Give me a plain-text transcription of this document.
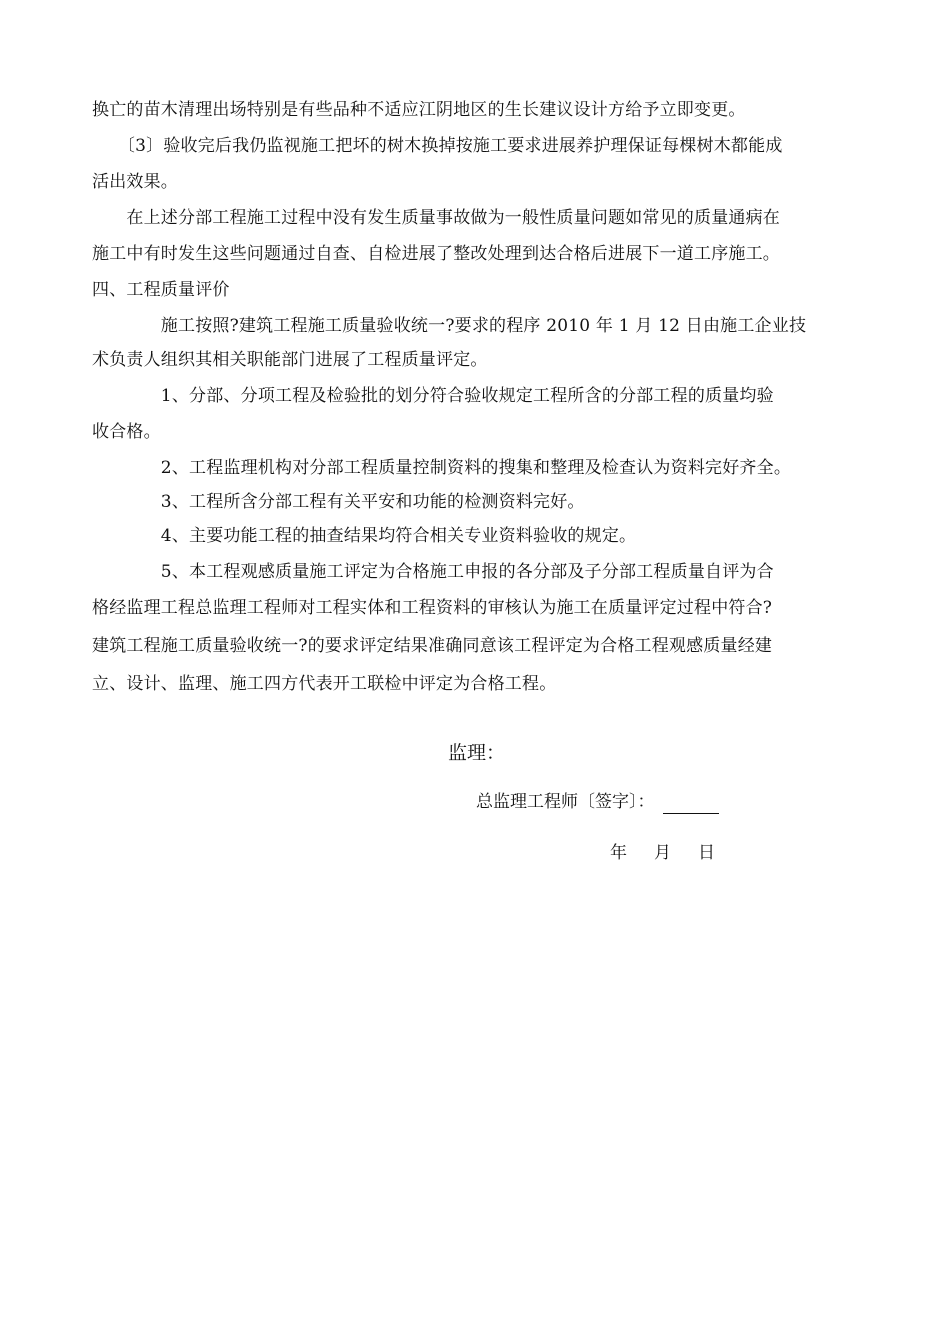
换亡的苗木清理出场特别是有些品种不适应江阴地区的生长建议设计方给予立即变更。
　　〔3〕验收完后我仍监视施工把坏的树木换掉按施工要求进展养护理保证每棵树木都能成
活出效果。
　　在上述分部工程施工过程中没有发生质量事故做为一般性质量问题如常见的质量通病在
施工中有时发生这些问题通过自查、自检进展了整改处理到达合格后进展下一道工序施工。
四、工程质量评价
　　　　施工按照?建筑工程施工质量验收统一?要求的程序 2010 年 1 月 12 日由施工企业技
术负责人组织其相关职能部门进展了工程质量评定。
　　　　1、分部、分项工程及检验批的划分符合验收规定工程所含的分部工程的质量均验
收合格。
　　　　2、工程监理机构对分部工程质量控制资料的搜集和整理及检查认为资料完好齐全。
　　　　3、工程所含分部工程有关平安和功能的检测资料完好。
　　　　4、主要功能工程的抽查结果均符合相关专业资料验收的规定。
　　　　5、本工程观感质量施工评定为合格施工申报的各分部及子分部工程质量自评为合
格经监理工程总监理工程师对工程实体和工程资料的审核认为施工在质量评定过程中符合?
建筑工程施工质量验收统一?的要求评定结果准确同意该工程评定为合格工程观感质量经建
立、设计、监理、施工四方代表开工联检中评定为合格工程。
监理：
总监理工程师〔签字〕：
年 月 日
